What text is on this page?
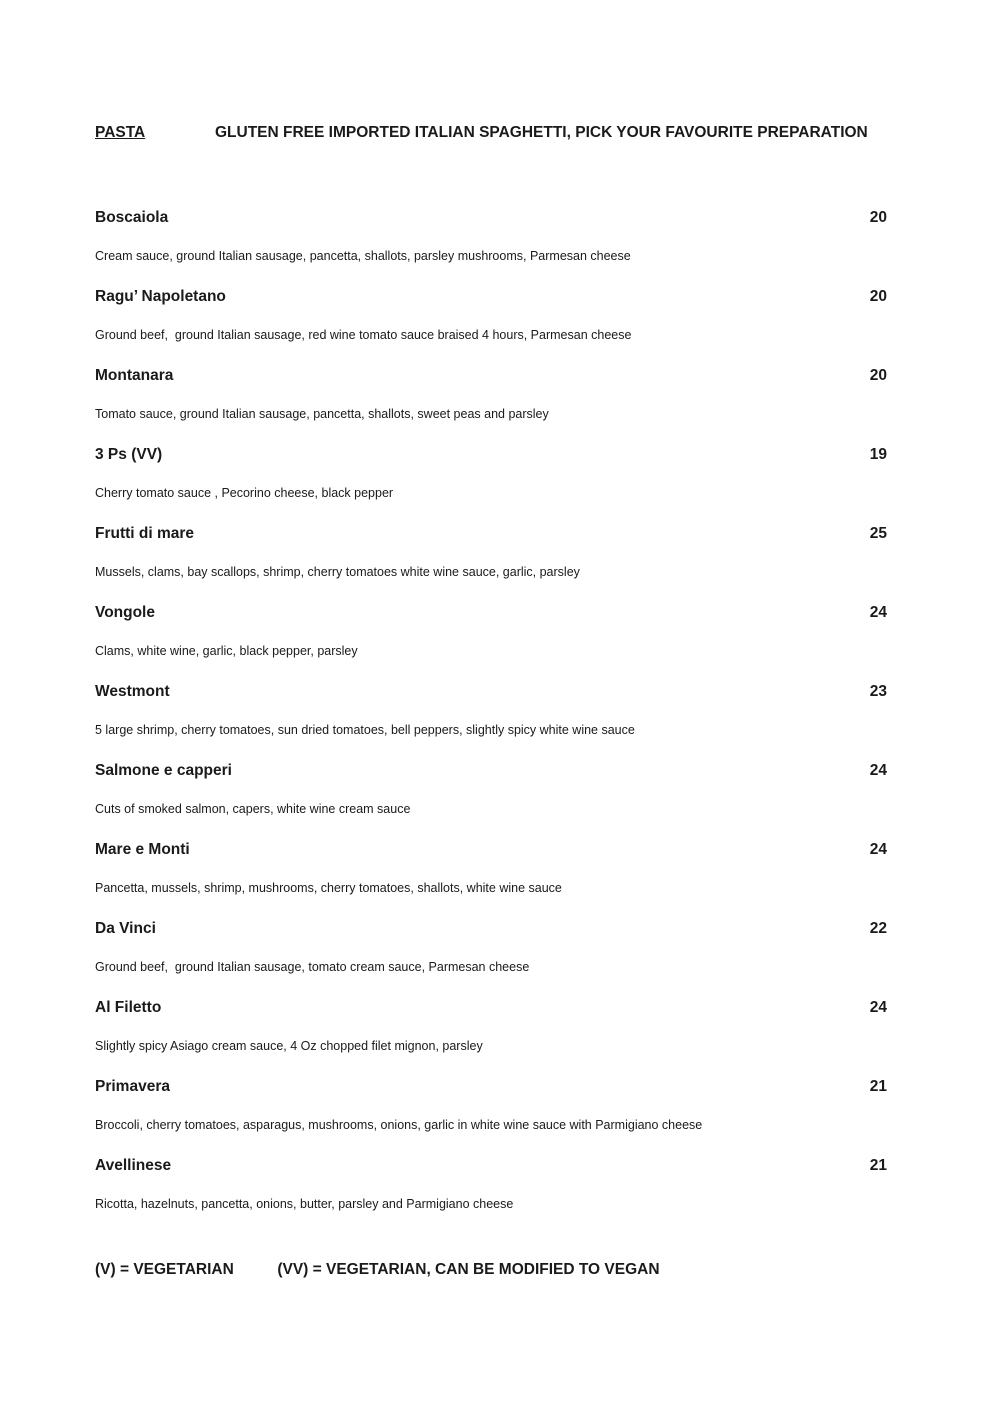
PASTA	GLUTEN FREE IMPORTED ITALIAN SPAGHETTI, PICK YOUR FAVOURITE PREPARATION
Boscaiola	20

Cream sauce, ground Italian sausage, pancetta, shallots, parsley mushrooms, Parmesan cheese

Ragu’ Napoletano	20

Ground beef,  ground Italian sausage, red wine tomato sauce braised 4 hours, Parmesan cheese

Montanara	20

Tomato sauce, ground Italian sausage, pancetta, shallots, sweet peas and parsley

3 Ps (VV)	19

Cherry tomato sauce , Pecorino cheese, black pepper

Frutti di mare	25

Mussels, clams, bay scallops, shrimp, cherry tomatoes white wine sauce, garlic, parsley

Vongole	24

Clams, white wine, garlic, black pepper, parsley

Westmont	23

5 large shrimp, cherry tomatoes, sun dried tomatoes, bell peppers, slightly spicy white wine sauce

Salmone e capperi	24

Cuts of smoked salmon, capers, white wine cream sauce

Mare e Monti	24

Pancetta, mussels, shrimp, mushrooms, cherry tomatoes, shallots, white wine sauce

Da Vinci	22

Ground beef,  ground Italian sausage, tomato cream sauce, Parmesan cheese

Al Filetto	24

Slightly spicy Asiago cream sauce, 4 Oz chopped filet mignon, parsley

Primavera	21

Broccoli, cherry tomatoes, asparagus, mushrooms, onions, garlic in white wine sauce with Parmigiano cheese

Avellinese	21

Ricotta, hazelnuts, pancetta, onions, butter, parsley and Parmigiano cheese

(V) = VEGETARIAN	(VV) = VEGETARIAN, CAN BE MODIFIED TO VEGAN
